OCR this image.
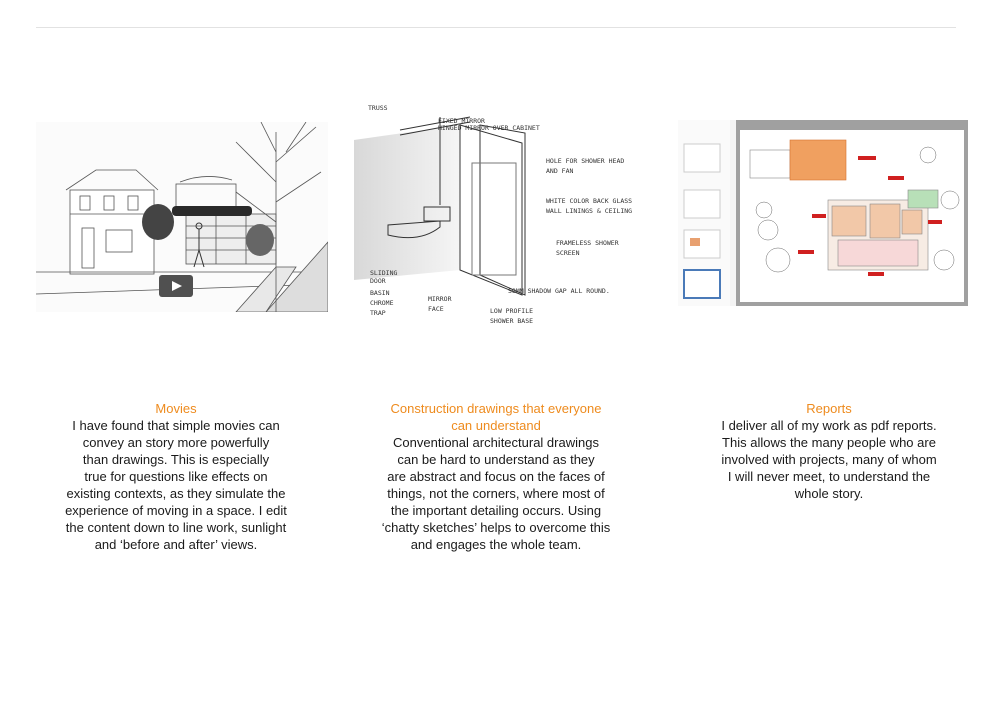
TRUSS
FIXED MIRROR
HINGED MIRROR OVER CABINET
HOLE FOR SHOWER HEAD
AND FAN
WHITE COLOR BACK GLASS
WALL LININGS & CEILING
FRAMELESS SHOWER
SCREEN
SOMM SHADOW GAP ALL ROUND.
LOW PROFILE
SHOWER BASE
MIRROR
FACE
BASIN
CHROME
TRAP
SLIDING
DOOR

Movies

I have found that simple movies can

convey an story more powerfully

than drawings. This is especially

true for questions like effects on

existing contexts, as they simulate the

experience of moving in a space. I edit

the content down to line work, sunlight

and ‘before and after’ views.

Construction drawings that everyone

can understand

Conventional architectural drawings

can be hard to understand as they

are abstract and focus on the faces of

things, not the corners, where most of

the important detailing occurs. Using

‘chatty sketches’ helps to overcome this

and engages the whole team.

Reports

I deliver all of my work as pdf reports.

This allows the many people who are

involved with projects, many of whom

I will never meet, to understand the

whole story.
